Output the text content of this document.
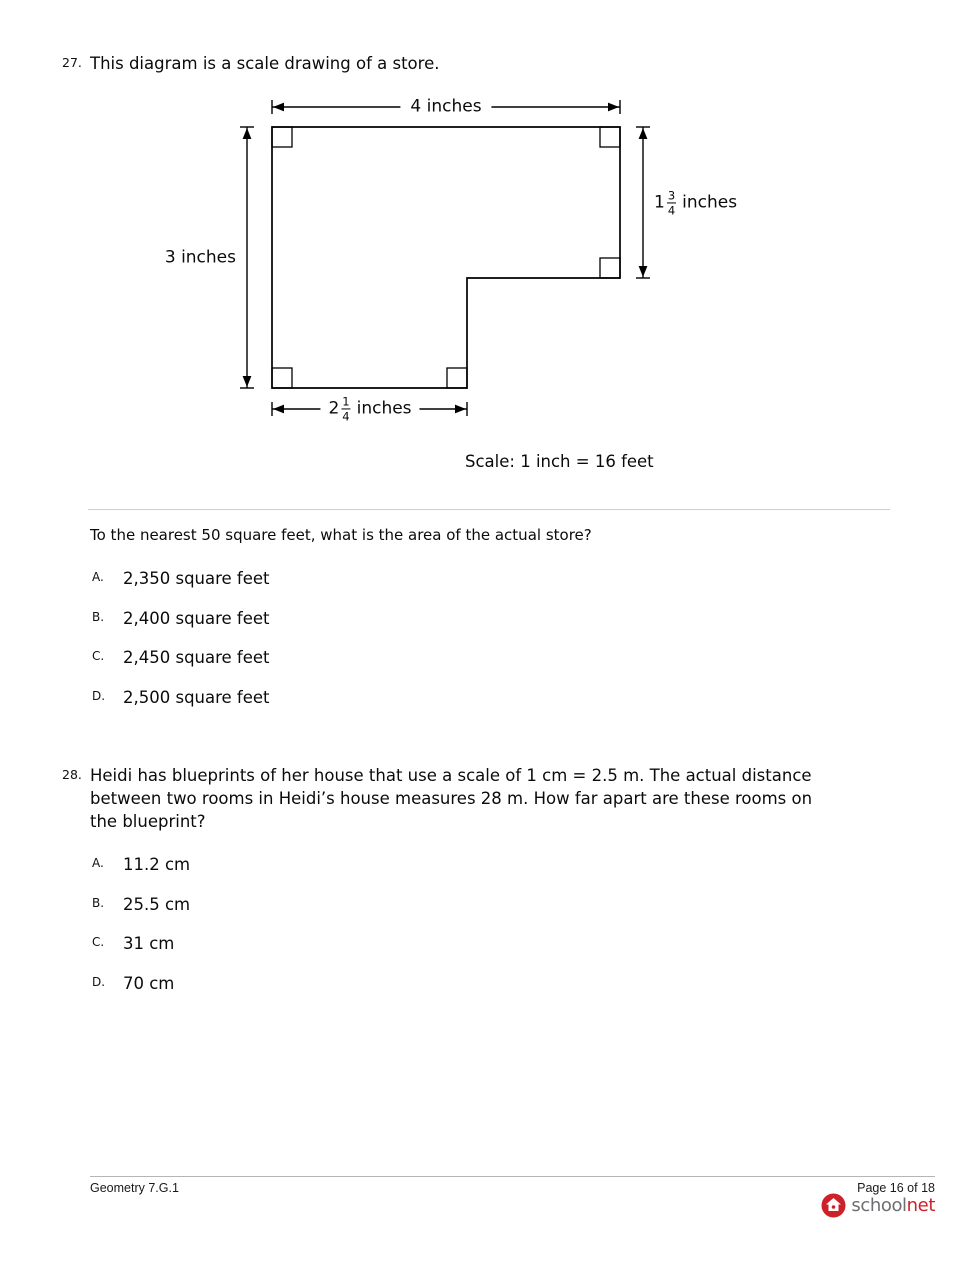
27. This diagram is a scale drawing of a store.
4 inches
3 inches
$1 \frac{3}{4}$ inches
$2 \frac{1}{4}$ inches
Scale: 1 inch = 16 feet
To the nearest 50 square feet, what is the area of the actual store?
A.	2,350 square feet
B.	2,400 square feet
C.	2,450 square feet
D.	2,500 square feet
28. Heidi has blueprints of her house that use a scale of 1 cm = 2.5 m. The actual distance between two rooms in Heidi’s house measures 28 m. How far apart are these rooms on the blueprint?
A.	11.2 cm
B.	25.5 cm
C.	31 cm
D.	70 cm
Geometry 7.G.1	Page 16 of 18
schoolnet
